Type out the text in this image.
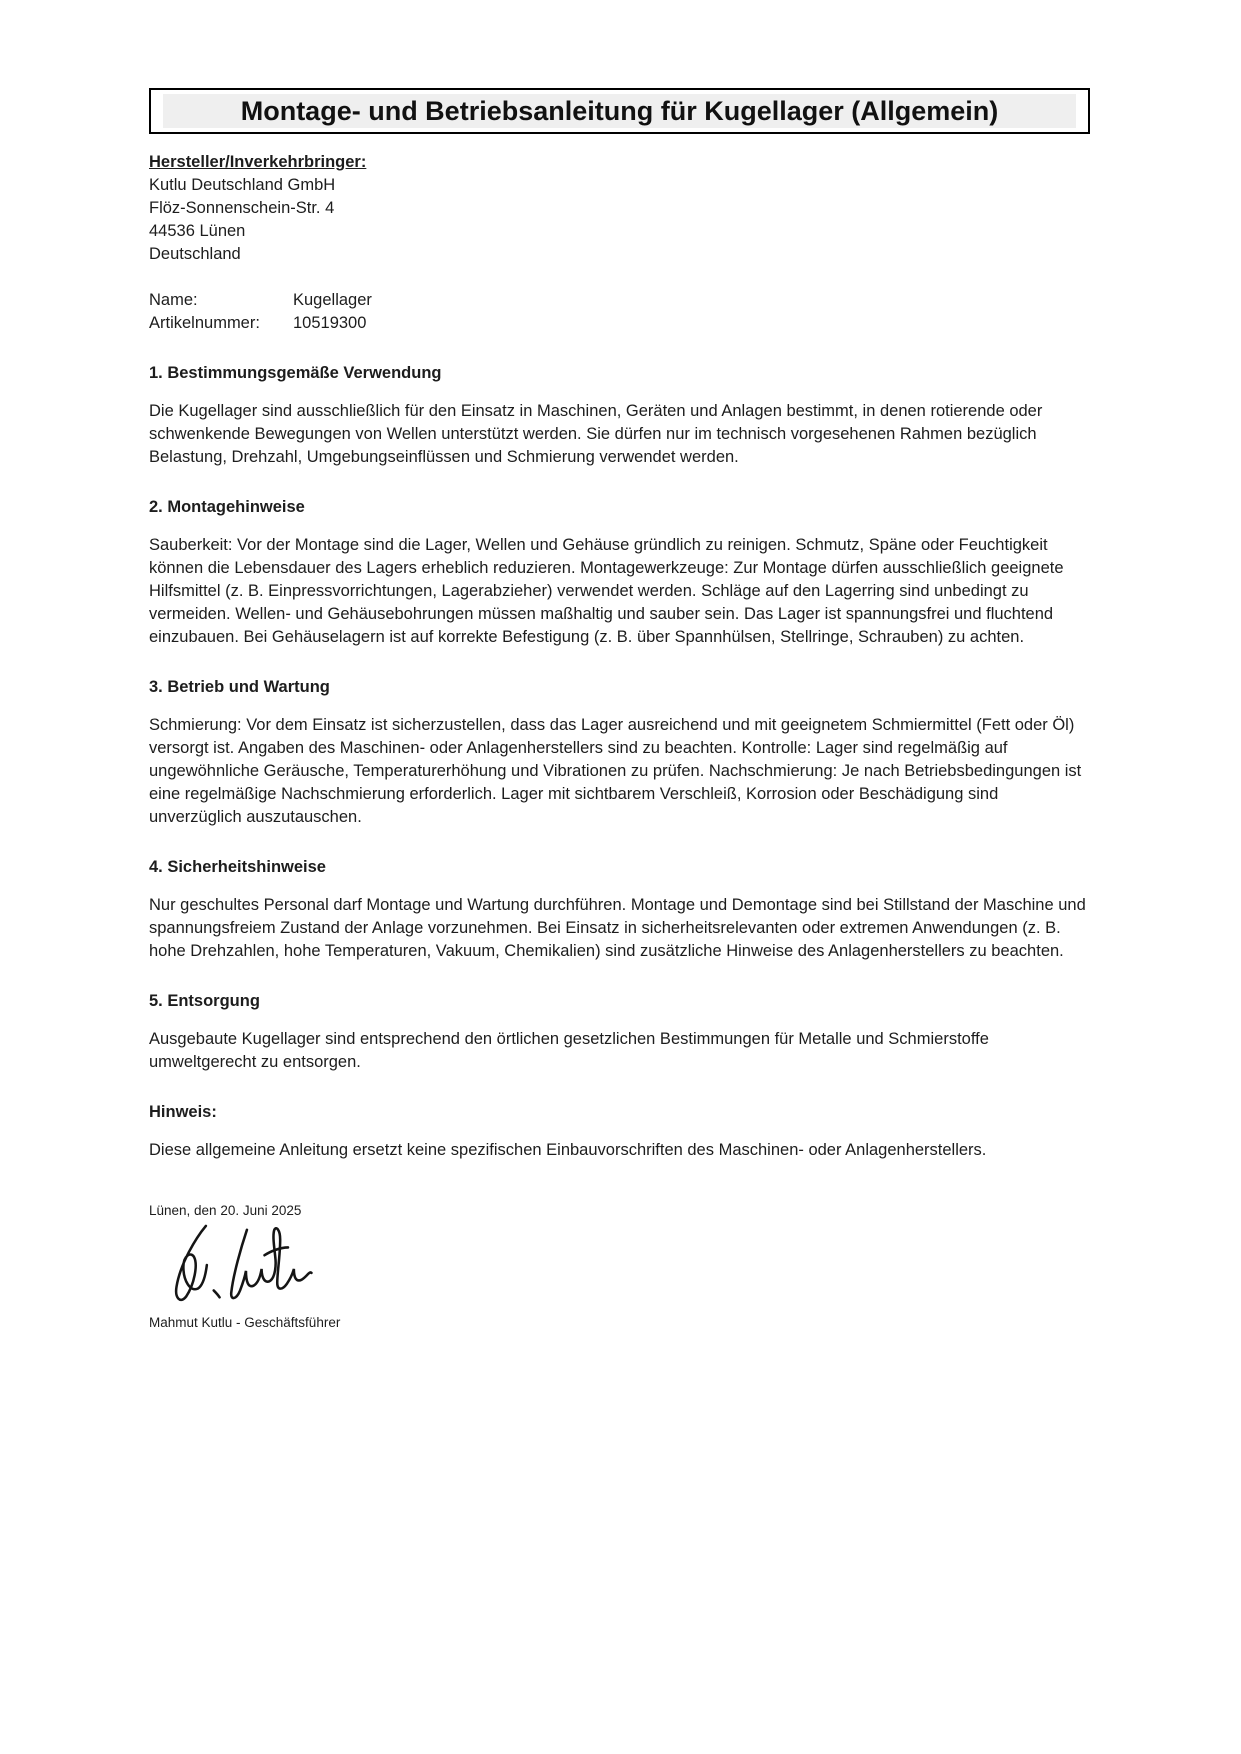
Montage- und Betriebsanleitung für Kugellager (Allgemein)
Hersteller/Inverkehrbringer:
Kutlu Deutschland GmbH
Flöz-Sonnenschein-Str. 4
44536 Lünen
Deutschland
Name:	Kugellager
Artikelnummer:	10519300
1. Bestimmungsgemäße Verwendung
Die Kugellager sind ausschließlich für den Einsatz in Maschinen, Geräten und Anlagen bestimmt, in denen rotierende oder schwenkende Bewegungen von Wellen unterstützt werden. Sie dürfen nur im technisch vorgesehenen Rahmen bezüglich Belastung, Drehzahl, Umgebungseinflüssen und Schmierung verwendet werden.
2. Montagehinweise
Sauberkeit: Vor der Montage sind die Lager, Wellen und Gehäuse gründlich zu reinigen. Schmutz, Späne oder Feuchtigkeit können die Lebensdauer des Lagers erheblich reduzieren. Montagewerkzeuge: Zur Montage dürfen ausschließlich geeignete Hilfsmittel (z. B. Einpressvorrichtungen, Lagerabzieher) verwendet werden. Schläge auf den Lagerring sind unbedingt zu vermeiden. Wellen- und Gehäusebohrungen müssen maßhaltig und sauber sein. Das Lager ist spannungsfrei und fluchtend einzubauen. Bei Gehäuselagern ist auf korrekte Befestigung (z. B. über Spannhülsen, Stellringe, Schrauben) zu achten.
3. Betrieb und Wartung
Schmierung: Vor dem Einsatz ist sicherzustellen, dass das Lager ausreichend und mit geeignetem Schmiermittel (Fett oder Öl) versorgt ist. Angaben des Maschinen- oder Anlagenherstellers sind zu beachten. Kontrolle: Lager sind regelmäßig auf ungewöhnliche Geräusche, Temperaturerhöhung und Vibrationen zu prüfen. Nachschmierung: Je nach Betriebsbedingungen ist eine regelmäßige Nachschmierung erforderlich. Lager mit sichtbarem Verschleiß, Korrosion oder Beschädigung sind unverzüglich auszutauschen.
4. Sicherheitshinweise
Nur geschultes Personal darf Montage und Wartung durchführen. Montage und Demontage sind bei Stillstand der Maschine und spannungsfreiem Zustand der Anlage vorzunehmen. Bei Einsatz in sicherheitsrelevanten oder extremen Anwendungen (z. B. hohe Drehzahlen, hohe Temperaturen, Vakuum, Chemikalien) sind zusätzliche Hinweise des Anlagenherstellers zu beachten.
5. Entsorgung
Ausgebaute Kugellager sind entsprechend den örtlichen gesetzlichen Bestimmungen für Metalle und Schmierstoffe umweltgerecht zu entsorgen.
Hinweis:
Diese allgemeine Anleitung ersetzt keine spezifischen Einbauvorschriften des Maschinen- oder Anlagenherstellers.
Lünen, den 20. Juni 2025
Mahmut Kutlu - Geschäftsführer
